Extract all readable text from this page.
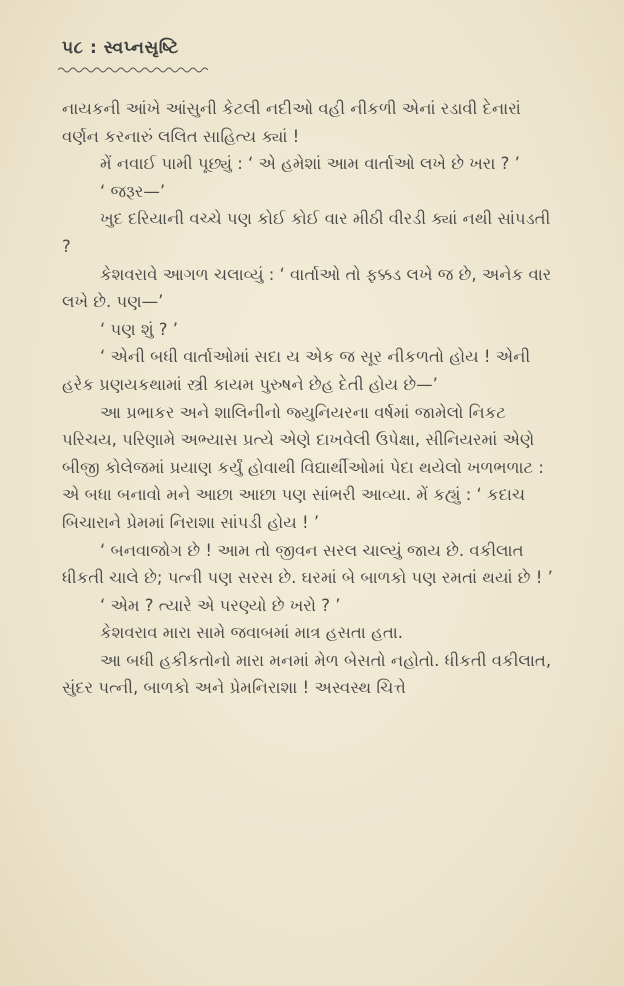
૫૮ : સ્વપ્નસૃષ્ટિ

નાયકની આંખે આંસુની કેટલી નદીઓ વહી નીકળી એનાં રડાવી દેનારાં વર્ણન કરનારું લલિત સાહિત્ય ક્યાં !

મેં નવાઈ પામી પૂછ્યું : ‘ એ હમેશાં આમ વાર્તાઓ લખે છે ખરા ? ’

‘ જરૂર—’

ખુદ દરિયાની વચ્ચે પણ કોઈ કોઈ વાર મીઠી વીરડી ક્યાં નથી સાંપડતી ?

કેશવરાવે આગળ ચલાવ્યું : ‘ વાર્તાઓ તો ફક્કડ લખે જ છે, અનેક વાર લખે છે. પણ—’

‘ પણ શું ? ’

‘ એની બધી વાર્તાઓમાં સદા ય એક જ સૂર નીકળતો હોય ! એની હરેક પ્રણયકથામાં સ્ત્રી કાયમ પુરુષને છેહ દેતી હોય છે—’

આ પ્રભાકર અને શાલિનીનો જ્યુનિયરના વર્ષમાં જામેલો નિકટ પરિચય, પરિણામે અભ્યાસ પ્રત્યે એણે દાખવેલી ઉપેક્ષા, સીનિયરમાં એણે બીજી કોલેજમાં પ્રયાણ કર્યું હોવાથી વિદ્યાર્થીઓમાં પેદા થયેલો ખળભળાટ : એ બધા બનાવો મને આછા આછા પણ સાંભરી આવ્યા. મેં કહ્યું : ‘ કદાચ બિચારાને પ્રેમમાં નિરાશા સાંપડી હોય ! ’

‘ બનવાજોગ છે ! આમ તો જીવન સરલ ચાલ્યું જાય છે. વકીલાત ધીકતી ચાલે છે; પત્ની પણ સરસ છે. ઘરમાં બે બાળકો પણ રમતાં થયાં છે ! ’

‘ એમ ? ત્યારે એ પરણ્યો છે ખરો ? ’

કેશવરાવ મારા સામે જવાબમાં માત્ર હસતા હતા.

આ બધી હકીકતોનો મારા મનમાં મેળ બેસતો નહોતો. ધીકતી વકીલાત, સુંદર પત્ની, બાળકો અને પ્રેમનિરાશા ! અસ્વસ્થ ચિત્તે
